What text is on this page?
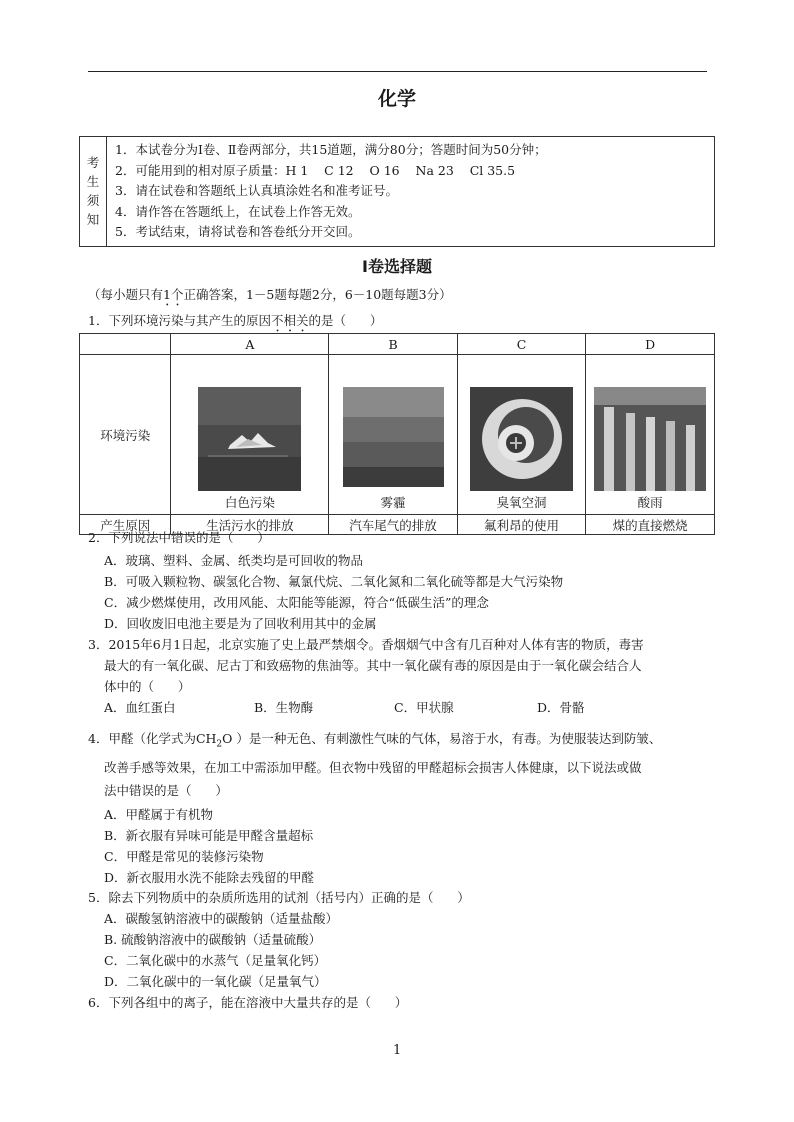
化学
考
生
须
知

1．本试卷分为Ⅰ卷、Ⅱ卷两部分，共15道题，满分80分；答题时间为50分钟；
2．可能用到的相对原子质量：H 1    C 12    O 16    Na 23    Cl 35.5
3．请在试卷和答题纸上认真填涂姓名和准考证号。
4．请作答在答题纸上，在试卷上作答无效。
5．考试结束，请将试卷和答卷纸分开交回。
Ⅰ卷选择题
（每小题只有1个正确答案，1－5题每题2分，6－10题每题3分）
1．下列环境污染与其产生的原因不相关的是（      ）
	A	B	C	D
环境污染	白色污染	雾霾	臭氧空洞	酸雨

产生原因	生活污水的排放	汽车尾气的排放	氟利昂的使用	煤的直接燃烧
2．下列说法中错误的是（      ）
A．玻璃、塑料、金属、纸类均是可回收的物品
B．可吸入颗粒物、碳氢化合物、氟氯代烷、二氧化氮和二氧化硫等都是大气污染物
C．减少燃煤使用，改用风能、太阳能等能源，符合“低碳生活”的理念
D．回收废旧电池主要是为了回收利用其中的金属
3．2015年6月1日起，北京实施了史上最严禁烟令。香烟烟气中含有几百种对人体有害的物质，毒害
最大的有一氧化碳、尼古丁和致癌物的焦油等。其中一氧化碳有毒的原因是由于一氧化碳会结合人
体中的（      ）
A．血红蛋白	B．生物酶	C．甲状腺	D．骨骼
4．甲醛（化学式为$CH_2O$ ）是一种无色、有刺激性气味的气体，易溶于水，有毒。为使服装达到防皱、
改善手感等效果，在加工中需添加甲醛。但衣物中残留的甲醛超标会损害人体健康，以下说法或做
法中错误的是（      ）
A．甲醛属于有机物
B．新衣服有异味可能是甲醛含量超标
C．甲醛是常见的装修污染物
D．新衣服用水洗不能除去残留的甲醛
5．除去下列物质中的杂质所选用的试剂（括号内）正确的是（      ）
A．碳酸氢钠溶液中的碳酸钠（适量盐酸）
B. 硫酸钠溶液中的碳酸钠（适量硫酸）
C．二氧化碳中的水蒸气（足量氧化钙）
D．二氧化碳中的一氧化碳（足量氧气）
6．下列各组中的离子，能在溶液中大量共存的是（      ）
1
